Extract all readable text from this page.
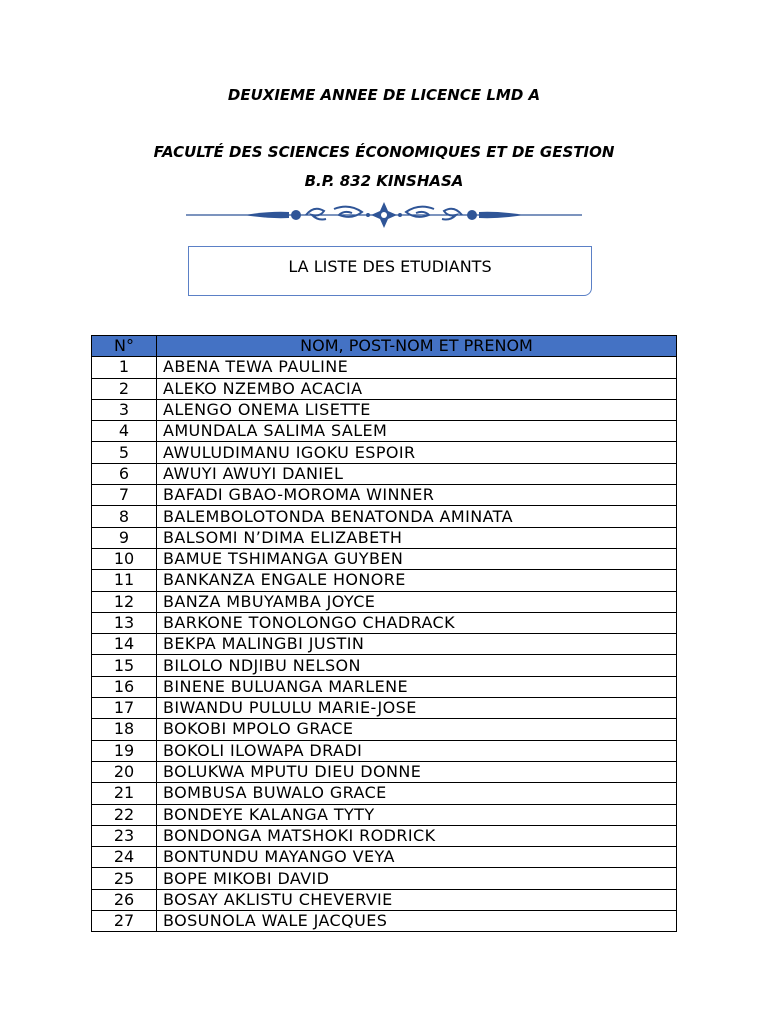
DEUXIEME ANNEE DE LICENCE LMD A
FACULTÉ DES SCIENCES ÉCONOMIQUES ET DE GESTION
B.P. 832 KINSHASA
LA LISTE DES ETUDIANTS
N°	NOM, POST-NOM ET PRENOM
1	ABENA TEWA PAULINE
2	ALEKO NZEMBO ACACIA
3	ALENGO ONEMA LISETTE
4	AMUNDALA SALIMA SALEM
5	AWULUDIMANU IGOKU ESPOIR
6	AWUYI AWUYI DANIEL
7	BAFADI GBAO-MOROMA WINNER
8	BALEMBOLOTONDA BENATONDA AMINATA
9	BALSOMI N’DIMA ELIZABETH
10	BAMUE TSHIMANGA GUYBEN
11	BANKANZA ENGALE HONORE
12	BANZA MBUYAMBA JOYCE
13	BARKONE TONOLONGO CHADRACK
14	BEKPA MALINGBI JUSTIN
15	BILOLO NDJIBU NELSON
16	BINENE BULUANGA MARLENE
17	BIWANDU PULULU MARIE-JOSE
18	BOKOBI MPOLO GRACE
19	BOKOLI ILOWAPA DRADI
20	BOLUKWA MPUTU DIEU DONNE
21	BOMBUSA BUWALO GRACE
22	BONDEYE KALANGA TYTY
23	BONDONGA MATSHOKI RODRICK
24	BONTUNDU MAYANGO VEYA
25	BOPE MIKOBI DAVID
26	BOSAY AKLISTU CHEVERVIE
27	BOSUNOLA WALE JACQUES
